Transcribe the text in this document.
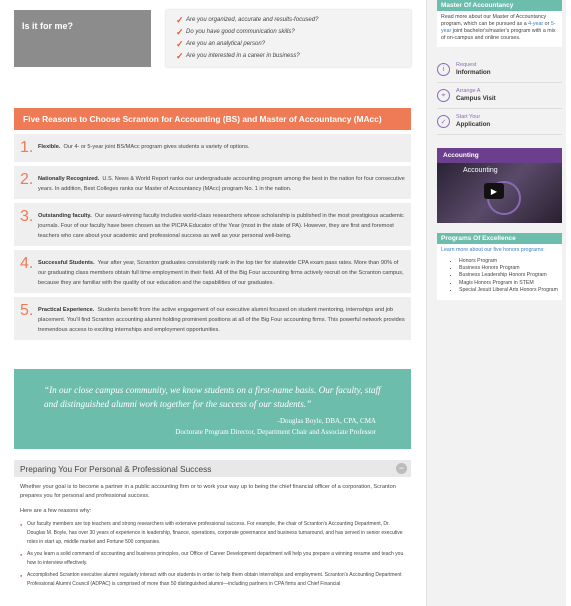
Is it for me?
✓ Are you organized, accurate and results-focused?
✓ Do you have good communication skills?
✓ Are you an analytical person?
✓ Are you interested in a career in business?
Five Reasons to Choose Scranton for Accounting (BS) and Master of Accountancy (MAcc)
1. Flexible. Our 4- or 5-year joint BS/MAcc program gives students a variety of options.
2. Nationally Recognized. U.S. News & World Report ranks our undergraduate accounting program among the best in the nation for four consecutive years. In addition, Best Colleges ranks our Master of Accountancy (MAcc) program No. 1 in the nation.
3. Outstanding faculty. Our award-winning faculty includes world-class researchers whose scholarship is published in the most prestigious academic journals. Four of our faculty have been chosen as the PICPA Educator of the Year (most in the state of PA). However, they are first and foremost teachers who care about your academic and professional success as well as your personal well-being.
4. Successful Students. Year after year, Scranton graduates consistently rank in the top tier for statewide CPA exam pass rates. More than 90% of our graduating class members obtain full time employment in their field. All of the Big Four accounting firms actively recruit on the Scranton campus, because they are familiar with the quality of our education and the capabilities of our graduates.
5. Practical Experience. Students benefit from the active engagement of our executive alumni focused on student mentoring, internships and job placement. You'll find Scranton accounting alumni holding prominent positions at all of the Big Four accounting firms. This powerful network provides tremendous access to exciting internships and employment opportunities.
“In our close campus community, we know students on a first-name basis. Our faculty, staff and distinguished alumni work together for the success of our students.”
-Douglas Boyle, DBA, CPA, CMA
Doctorate Program Director, Department Chair and Associate Professor
Preparing You For Personal & Professional Success	−

Whether your goal is to become a partner in a public accounting firm or to work your way up to being the chief financial officer of a corporation, Scranton prepares you for personal and professional success.

Here are a few reasons why:

● Our faculty members are top teachers and strong researchers with extensive professional success. For example, the chair of Scranton's Accounting Department, Dr. Douglas M. Boyle, has over 30 years of experience in leadership, finance, operations, corporate governance and business turnaround, and has served in senior executive roles in start up, middle market and Fortune 500 companies.
● As you learn a solid command of accounting and business principles, our Office of Career Development department will help you prepare a winning resume and teach you how to interview effectively.
● Accomplished Scranton executive alumni regularly interact with our students in order to help them obtain internships and employment. Scranton's Accounting Department Professional Alumni Council (ADPAC) is comprised of more than 50 distinguished alumni—including partners in CPA firms and Chief Financial
Master Of Accountancy
Read more about our Master of Accountancy program, which can be pursued as a 4-year or 5-year joint bachelor's/master's program with a mix of on-campus and online courses.
i
Request
Information
⌖
Arrange A
Campus Visit
✓
Start Your
Application
Accounting
Accounting
▶
Programs Of Excellence
Learn more about our five honors programs:
• Honors Program
• Business Honors Program
• Business Leadership Honors Program
• Magis Honors Program in STEM
• Special Jesuit Liberal Arts Honors Program
